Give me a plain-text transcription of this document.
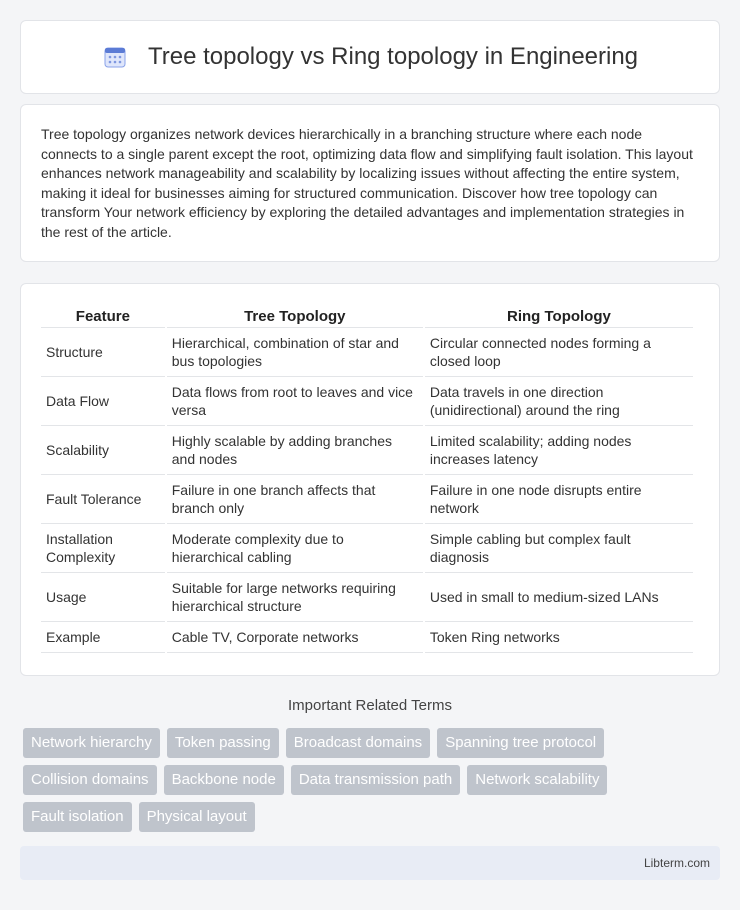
Tree topology vs Ring topology in Engineering

Tree topology organizes network devices hierarchically in a branching structure where each node connects to a single parent except the root, optimizing data flow and simplifying fault isolation. This layout enhances network manageability and scalability by localizing issues without affecting the entire system, making it ideal for businesses aiming for structured communication. Discover how tree topology can transform Your network efficiency by exploring the detailed advantages and implementation strategies in the rest of the article.

Feature	Tree Topology	Ring Topology
Structure	Hierarchical, combination of star and bus topologies	Circular connected nodes forming a closed loop
Data Flow	Data flows from root to leaves and vice versa	Data travels in one direction (unidirectional) around the ring
Scalability	Highly scalable by adding branches and nodes	Limited scalability; adding nodes increases latency
Fault Tolerance	Failure in one branch affects that branch only	Failure in one node disrupts entire network
Installation Complexity	Moderate complexity due to hierarchical cabling	Simple cabling but complex fault diagnosis
Usage	Suitable for large networks requiring hierarchical structure	Used in small to medium-sized LANs
Example	Cable TV, Corporate networks	Token Ring networks
Important Related Terms
Network hierarchy	Token passing	Broadcast domains	Spanning tree protocol
Collision domains	Backbone node	Data transmission path	Network scalability
Fault isolation	Physical layout
Libterm.com
